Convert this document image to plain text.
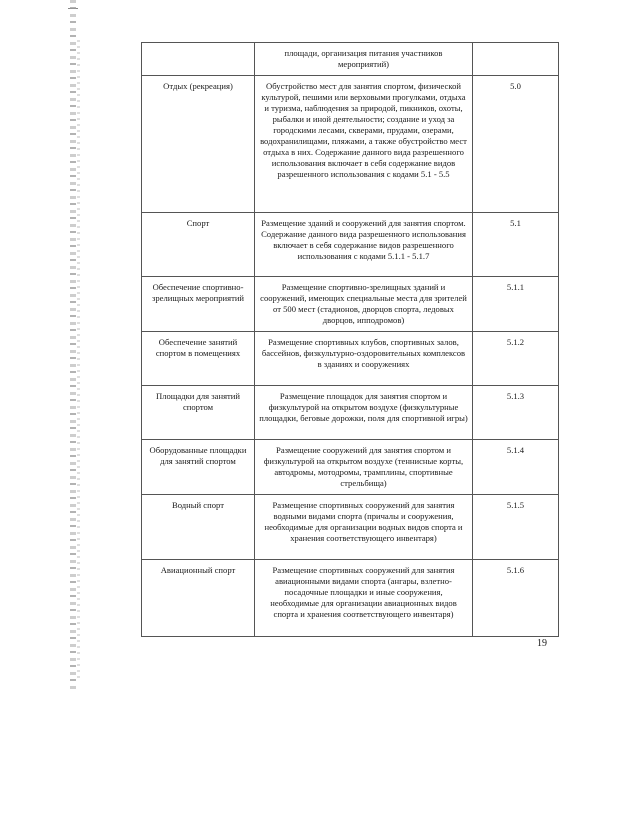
	площади, организация питания участников мероприятий)	
Отдых (рекреация)	Обустройство мест для занятия спортом, физической культурой, пешими или верховыми прогулками, отдыха и туризма, наблюдения за природой, пикников, охоты, рыбалки и иной деятельности; создание и уход за городскими лесами, скверами, прудами, озерами, водохранилищами, пляжами, а также обустройство мест отдыха в них. Содержание данного вида разрешенного использования включает в себя содержание видов разрешенного использования с кодами 5.1 - 5.5	5.0
Спорт	Размещение зданий и сооружений для занятия спортом. Содержание данного вида разрешенного использования включает в себя содержание видов разрешенного использования с кодами 5.1.1 - 5.1.7	5.1
Обеспечение спортивно-зрелищных мероприятий	Размещение спортивно-зрелищных зданий и сооружений, имеющих специальные места для зрителей от 500 мест (стадионов, дворцов спорта, ледовых дворцов, ипподромов)	5.1.1
Обеспечение занятий спортом в помещениях	Размещение спортивных клубов, спортивных залов, бассейнов, физкультурно-оздоровительных комплексов в зданиях и сооружениях	5.1.2
Площадки для занятий спортом	Размещение площадок для занятия спортом и физкультурой на открытом воздухе (физкультурные площадки, беговые дорожки, поля для спортивной игры)	5.1.3
Оборудованные площадки для занятий спортом	Размещение сооружений для занятия спортом и физкультурой на открытом воздухе (теннисные корты, автодромы, мотодромы, трамплины, спортивные стрельбища)	5.1.4
Водный спорт	Размещение спортивных сооружений для занятия водными видами спорта (причалы и сооружения, необходимые для организации водных видов спорта и хранения соответствующего инвентаря)	5.1.5
Авиационный спорт	Размещение спортивных сооружений для занятия авиационными видами спорта (ангары, взлетно-посадочные площадки и иные сооружения, необходимые для организации авиационных видов спорта и хранения соответствующего инвентаря)	5.1.6
19
